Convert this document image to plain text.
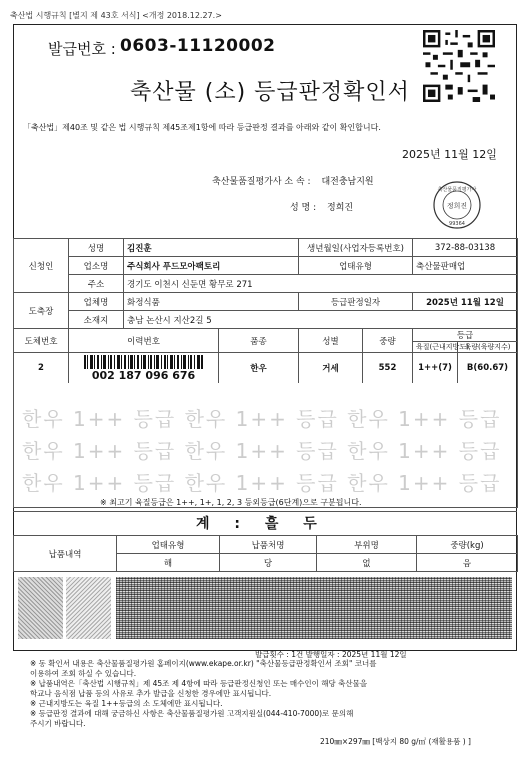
축산법 시행규칙 [별지 제 43호 서식] <개정 2018.12.27.>
발급번호 : 0603-11120002
축산물 (소) 등급판정확인서
「축산법」제40조 및 같은 법 시행규칙 제45조제1항에 따라 등급판정 결과를 아래와 같이 확인합니다.
2025년 11월 12일
축산물품질평가사 소 속 : 대전충남지원
성 명 : 정희진
축산물품질평가사
정희진
99364
신청인	성명	김진훈		생년월일(사업자등록번호)		372-88-03138	
	업소명	주식회사 푸드모아팩토리		업태유형		축산물판매업	
	주소	경기도 이천시 신둔면 황무로 271					
도축장	업체명	화정식품		등급판정일자		2025년 11월 12일	
	소재지	충남 논산시 지산2길 5					
도체번호	이력번호		품종	성별	중량	등급	
						육질(근내지방도)	육량(육량지수)
2	002 187 096 676		한우	거세	552	1++(7)	B(60.67)

한우 1++ 등급 한우 1++ 등급 한우 1++ 등급
한우 1++ 등급 한우 1++ 등급 한우 1++ 등급
한우 1++ 등급 한우 1++ 등급 한우 1++ 등급
※ 최고기 육질등급은 1++, 1+, 1, 2, 3 등외등급(6단계)으로 구분됩니다.
계 : 흘 두
납품내역	업태유형	납품처명	부위명	중량(kg)
	해	당	없	음
발급횟수 : 1건 발행일자 : 2025년 11월 12일
※ 동 확인서 내용은 축산물품질평가원 홈페이지(www.ekape.or.kr) "축산물등급판정확인서 조회" 코너를
이용하여 조회 하실 수 있습니다.
※ 납품내역은「축산법 시행규칙」제 45조 제 4항에 따라 등급판정신청인 또는 매수인이 해당 축산물을
학교나 음식점 납품 등의 사유로 추가 발급을 신청한 경우에만 표시됩니다.
※ 근내지방도는 육질 1++등급의 소 도체에만 표시됩니다.
※ 등급판정 결과에 대해 궁금하신 사항은 축산물품질평가원 고객지원실(044-410-7000)로 문의해
주시기 바랍니다.
210㎜×297㎜ [백상지 80 g/㎡ (재활용품 ) ]
